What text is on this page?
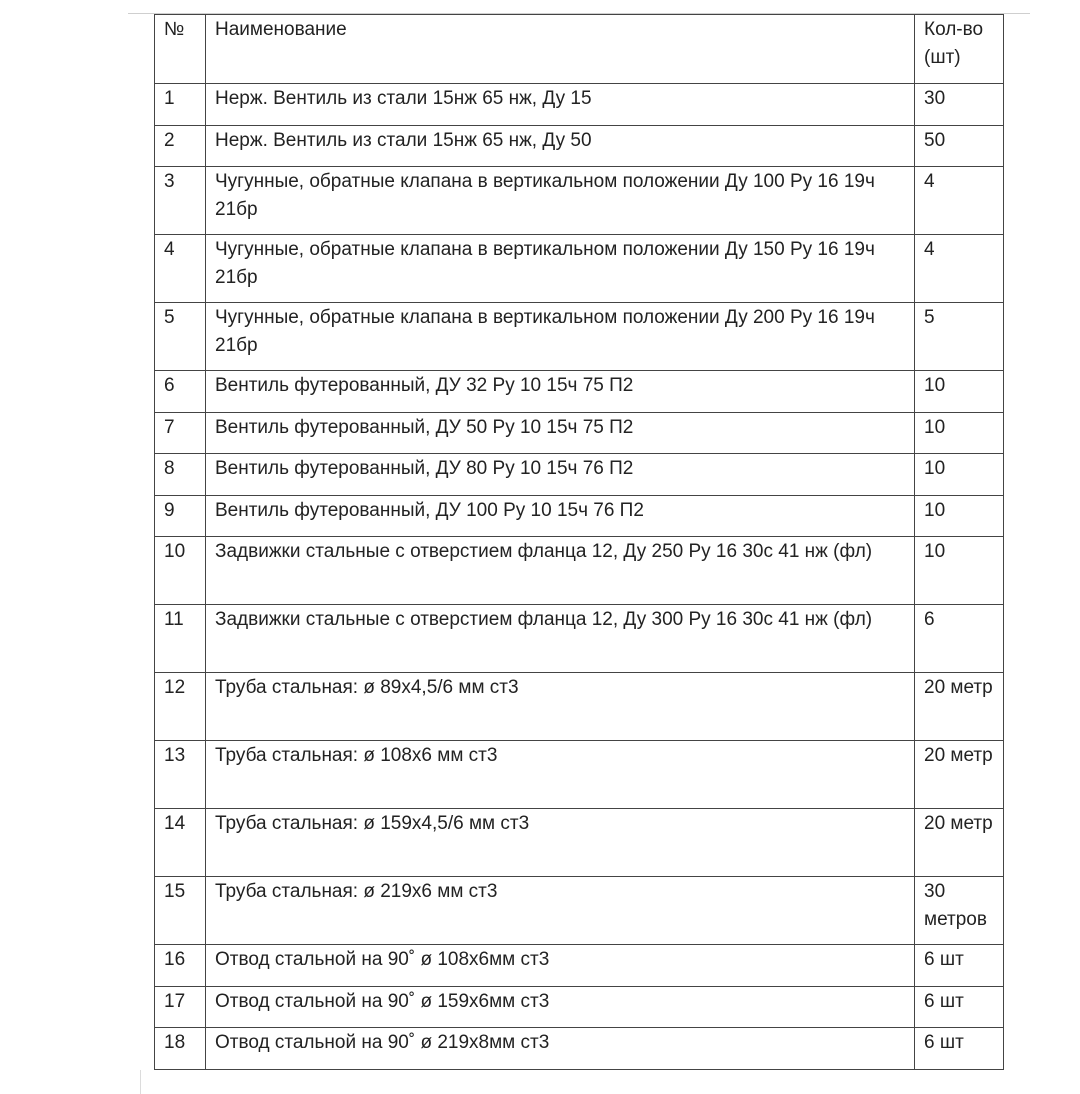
№	Наименование	Кол-во (шт)
1	Нерж. Вентиль из стали 15нж 65 нж, Ду 15	30
2	Нерж. Вентиль из стали 15нж 65 нж, Ду 50	50
3	Чугунные, обратные клапана в вертикальном положении Ду 100 Ру 16 19ч 21бр	4
4	Чугунные, обратные клапана в вертикальном положении Ду 150 Ру 16 19ч 21бр	4
5	Чугунные, обратные клапана в вертикальном положении Ду 200 Ру 16 19ч 21бр	5
6	Вентиль футерованный, ДУ 32 Ру 10 15ч 75 П2	10
7	Вентиль футерованный, ДУ 50 Ру 10 15ч 75 П2	10
8	Вентиль футерованный, ДУ 80 Ру 10 15ч 76 П2	10
9	Вентиль футерованный, ДУ 100 Ру 10 15ч 76 П2	10
10	Задвижки стальные с отверстием фланца 12, Ду 250 Ру 16 30с 41 нж (фл)	10
11	Задвижки стальные с отверстием фланца 12, Ду 300 Ру 16 30с 41 нж (фл)	6
12	Труба стальная: ø 89х4,5/6 мм ст3	20 метр
13	Труба стальная: ø 108х6 мм ст3	20 метр
14	Труба стальная: ø 159х4,5/6 мм ст3	20 метр
15	Труба стальная: ø 219х6 мм ст3	30 метров
16	Отвод стальной на 90˚ ø 108х6мм ст3	6 шт
17	Отвод стальной на 90˚ ø 159х6мм ст3	6 шт
18	Отвод стальной на 90˚ ø 219х8мм ст3	6 шт
